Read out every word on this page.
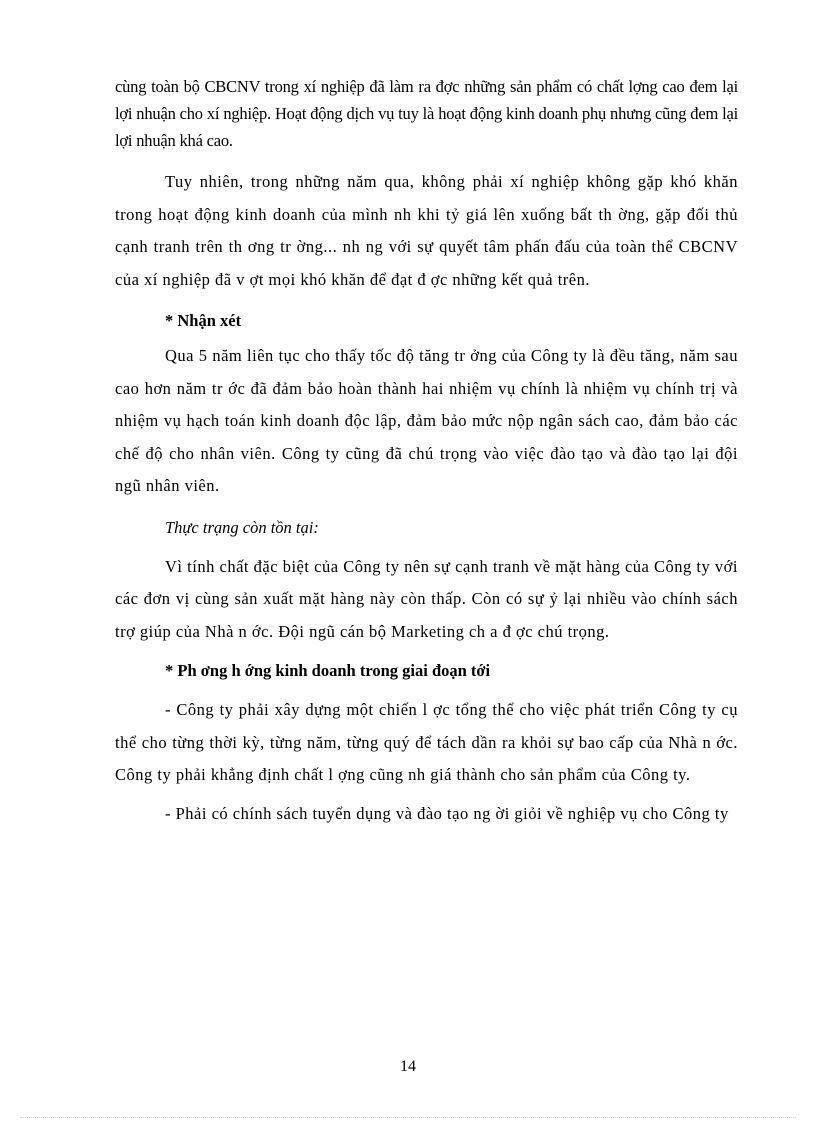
cùng toàn bộ CBCNV trong xí nghiệp đã làm ra đợc những sản phẩm có chất lợng cao đem lại lợi nhuận cho xí nghiệp. Hoạt động dịch vụ tuy là hoạt động kinh doanh phụ nhưng cũng đem lại lợi nhuận khá cao.

Tuy nhiên, trong những năm qua, không phải xí nghiệp không gặp khó khăn trong hoạt động kinh doanh của mình nh khi tỷ giá lên xuống bất th ờng, gặp đối thủ cạnh tranh trên th ơng tr ờng... nh ng với sự quyết tâm phấn đấu của toàn thể CBCNV của xí nghiệp đã v ợt mọi khó khăn để đạt đ ợc những kết quả trên.

* Nhận xét

Qua 5 năm liên tục cho thấy tốc độ tăng tr ởng của Công ty là đều tăng, năm sau cao hơn năm tr ớc đã đảm bảo hoàn thành hai nhiệm vụ chính là nhiệm vụ chính trị và nhiệm vụ hạch toán kinh doanh độc lập, đảm bảo mức nộp ngân sách cao, đảm bảo các chế độ cho nhân viên. Công ty cũng đã chú trọng vào việc đào tạo và đào tạo lại đội ngũ nhân viên.

Thực trạng còn tồn tại:

Vì tính chất đặc biệt của Công ty nên sự cạnh tranh về mặt hàng của Công ty với các đơn vị cùng sản xuất mặt hàng này còn thấp. Còn có sự ỷ lại nhiều vào chính sách trợ giúp của Nhà n ớc. Đội ngũ cán bộ Marketing ch a đ ợc chú trọng.

* Ph ơng h ớng kinh doanh trong giai đoạn tới

- Công ty phải xây dựng một chiến l ợc tổng thể cho việc phát triển Công ty cụ thể cho từng thời kỳ, từng năm, từng quý để tách dần ra khỏi sự bao cấp của Nhà n ớc. Công ty phải khẳng định chất l ợng cũng nh giá thành cho sản phẩm của Công ty.

- Phải có chính sách tuyển dụng và đào tạo ng ời giỏi về nghiệp vụ cho Công ty

14
